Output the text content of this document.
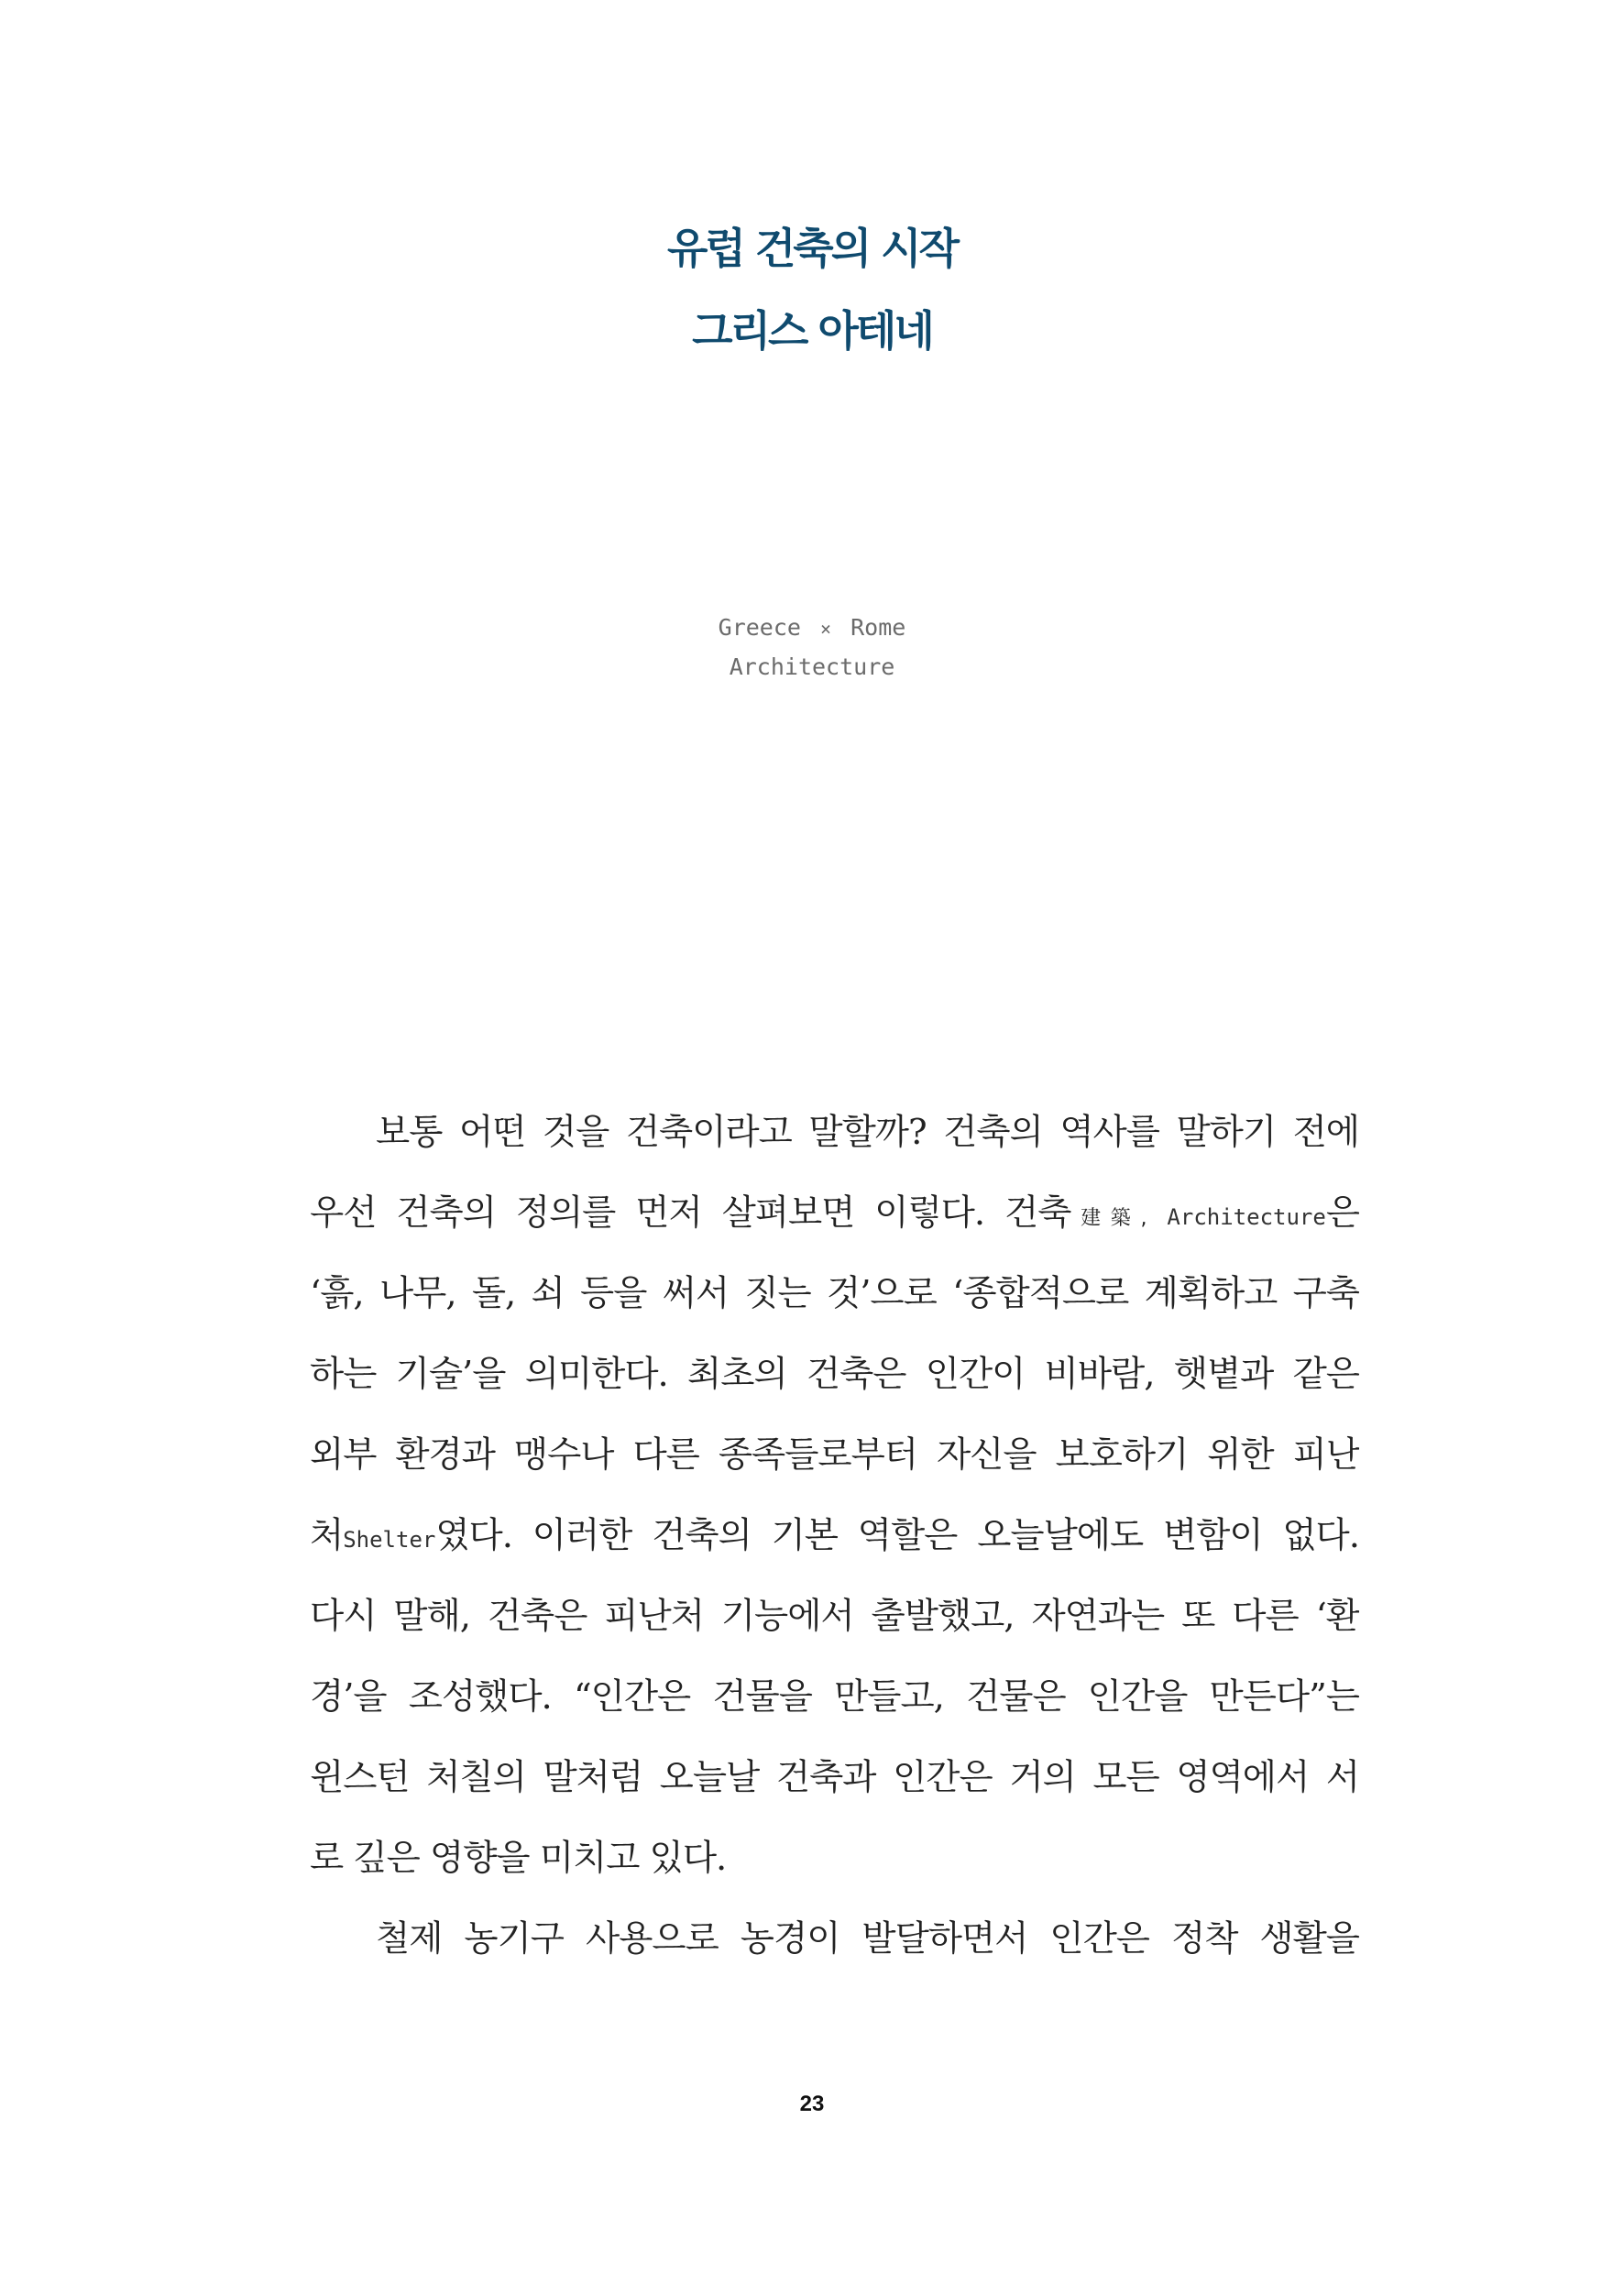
유럽 건축의 시작
그리스 아테네
Greece × Rome
Architecture
보통 어떤 것을 건축이라고 말할까? 건축의 역사를 말하기 전에
우선 건축의 정의를 먼저 살펴보면 이렇다. 건축建築, Architecture은
‘흙, 나무, 돌, 쇠 등을 써서 짓는 것’으로 ‘종합적으로 계획하고 구축
하는 기술’을 의미한다. 최초의 건축은 인간이 비바람, 햇볕과 같은
외부 환경과 맹수나 다른 종족들로부터 자신을 보호하기 위한 피난
처Shelter였다. 이러한 건축의 기본 역할은 오늘날에도 변함이 없다.
다시 말해, 건축은 피난처 기능에서 출발했고, 자연과는 또 다른 ‘환
경’을 조성했다. “인간은 건물을 만들고, 건물은 인간을 만든다”는
윈스턴 처칠의 말처럼 오늘날 건축과 인간은 거의 모든 영역에서 서
로 깊은 영향을 미치고 있다.
철제 농기구 사용으로 농경이 발달하면서 인간은 정착 생활을
23
